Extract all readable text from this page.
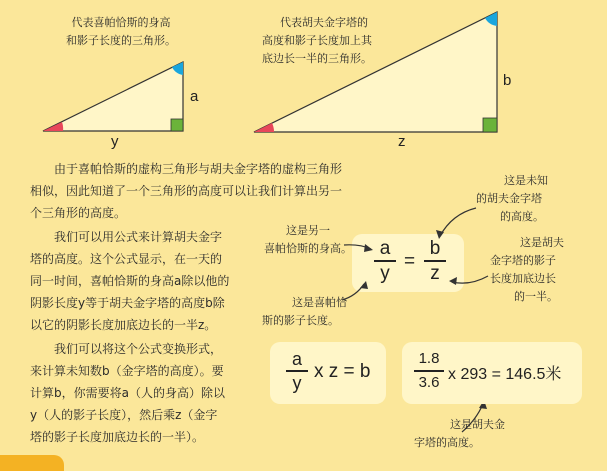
代表喜帕恰斯的身高
和影子长度的三角形。
a
y
代表胡夫金字塔的
高度和影子长度加上其
底边长一半的三角形。
b
z
由于喜帕恰斯的虚构三角形与胡夫金字塔的虚构三角形
相似，因此知道了一个三角形的高度可以让我们计算出另一
个三角形的高度。
我们可以用公式来计算胡夫金字
塔的高度。这个公式显示，在一天的
同一时间，喜帕恰斯的身高a除以他的
阴影长度y等于胡夫金字塔的高度b除
以它的阴影长度加底边长的一半z。
我们可以将这个公式变换形式，
来计算未知数b（金字塔的高度）。要
计算b，你需要将a（人的身高）除以
y（人的影子长度），然后乘z（金字
塔的影子长度加底边长的一半）。
a
y
=
b
z
这是另一
喜帕恰斯的身高。
这是喜帕恰
斯的影子长度。
这是未知
的胡夫金字塔
的高度。
这是胡夫
金字塔的影子
长度加底边长
的一半。
a
y
x z = b
1.8
3.6 x 293 = 146.5米
这是胡夫金
字塔的高度。
